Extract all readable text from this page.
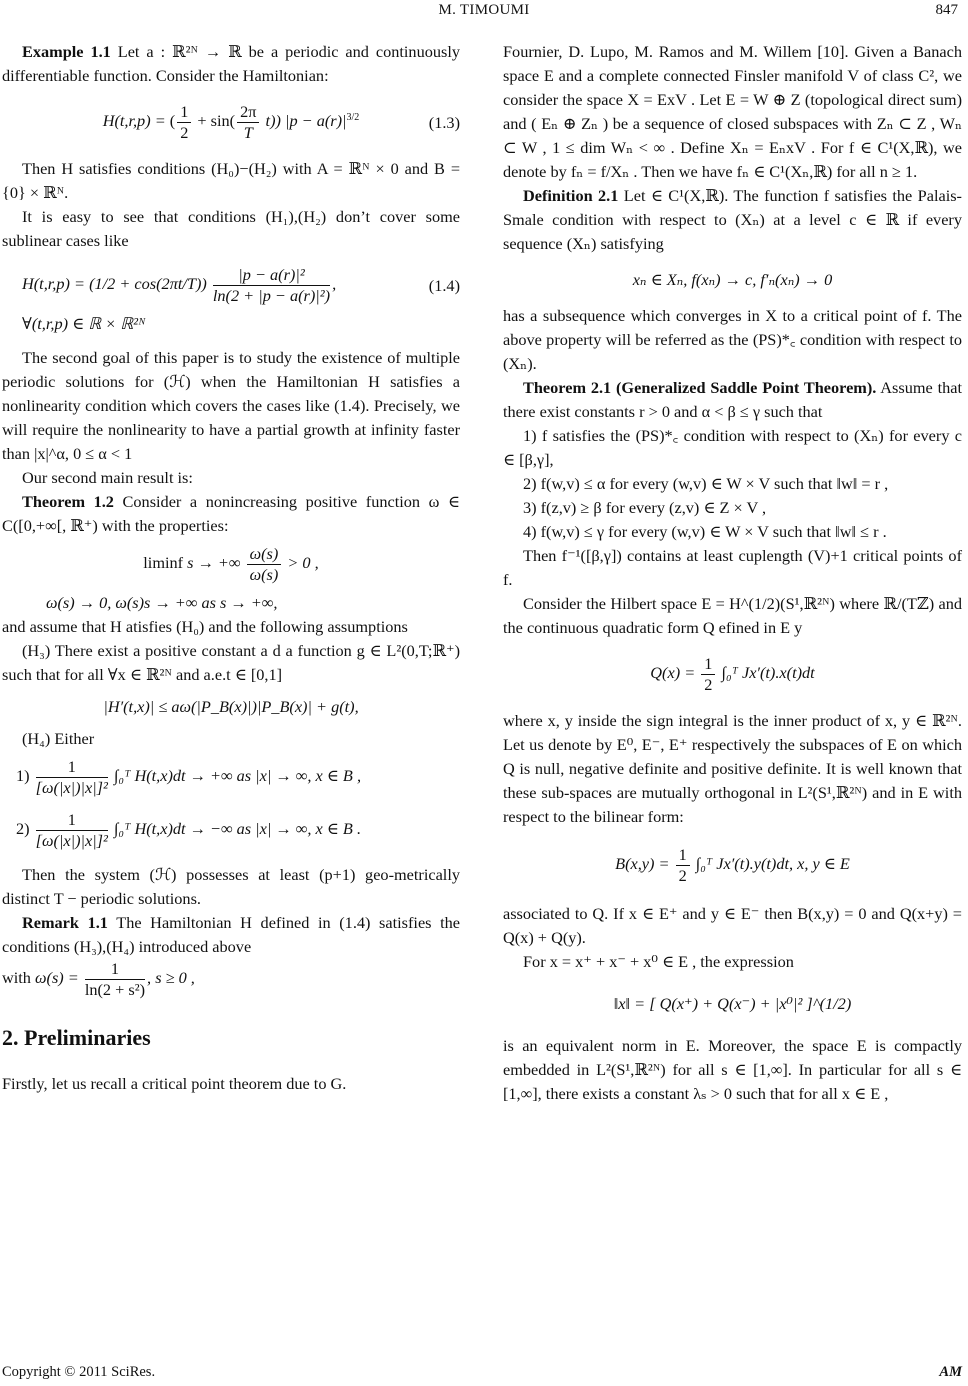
M. TIMOUMI	847

Example 1.1 Let a : ℝ²ᴺ → ℝ be a periodic and continuously differentiable function. Consider the Hamiltonian:

H(t,r,p) = ( $\frac{1}{2} + \sin( \frac{2\pi}{T} t)$) $|p - a(r)|^{3/2}$	(1.3)

Then H satisfies conditions (H₀)−(H₂) with A = ℝᴺ × 0 and B = {0} × ℝᴺ.

It is easy to see that conditions (H₁),(H₂) don’t cover some sublinear cases like

$H(t,r,p) = (1/2 + \cos(2\pi t/T)) \frac{\text{|p − a(r)|²}}{\text{ln(2 + |p − a(r)|²)}}$ ,	(1.4)

∀(t,r,p) ∈ ℝ × ℝ²ᴺ

The second goal of this paper is to study the existence of multiple periodic solutions for (ℋ) when the Hamiltonian H satisfies a nonlinearity condition which covers the cases like (1.4). Precisely, we will require the nonlinearity to have a partial growth at infinity faster than |x|^α, 0 ≤ α < 1

Our second main result is:

Theorem 1.2 Consider a nonincreasing positive function ω ∈ C([0,+∞[, ℝ⁺) with the properties:

liminf s → +∞ $\frac{\omega(s)}{\omega(s)} > 0$ ,

ω(s) → 0, ω(s)s → +∞ as s → +∞,

and assume that H atisfies (H₀) and the following assumptions

(H₃) There exist a positive constant a d a function g ∈ L²(0,T;ℝ⁺) such that for all ∀x ∈ ℝ²ᴺ and a.e.t ∈ [0,1]

|H′(t,x)| ≤ aω(|P_B(x)|)|P_B(x)| + g(t),

(H₄) Either

$1) \frac{1}{\text{[ω(|x|)|x|]²}}$ ∫₀ᵀ H(t,x)dt → +∞ as |x| → ∞, x ∈ B ,
$2) \frac{1}{\text{[ω(|x|)|x|]²}}$ ∫₀ᵀ H(t,x)dt → −∞ as |x| → ∞, x ∈ B .

Then the system (ℋ) possesses at least (p+1) geo-metrically distinct T − periodic solutions.

Remark 1.1 The Hamiltonian H defined in (1.4) satisfies the conditions (H₃),(H₄) introduced above

with $\omega(s) = \frac{1}{\text{ln(2 + s²)}}$ , s ≥ 0 ,

2. Preliminaries

Firstly, let us recall a critical point theorem due to G.

Fournier, D. Lupo, M. Ramos and M. Willem [10]. Given a Banach space E and a complete connected Finsler manifold V of class C², we consider the space X = ExV . Let E = W ⊕ Z (topological direct sum) and ( Eₙ ⊕ Zₙ ) be a sequence of closed subspaces with Zₙ ⊂ Z , Wₙ ⊂ W , 1 ≤ dim Wₙ < ∞ . Define Xₙ = EₙxV . For f ∈ C¹(X,ℝ), we denote by fₙ = f/Xₙ . Then we have fₙ ∈ C¹(Xₙ,ℝ) for all n ≥ 1.

Definition 2.1 Let ∈ C¹(X,ℝ). The function f satisfies the Palais-Smale condition with respect to (Xₙ) at a level c ∈ ℝ if every sequence (Xₙ) satisfying

xₙ ∈ Xₙ, f(xₙ) → c, f′ₙ(xₙ) → 0

has a subsequence which converges in X to a critical point of f. The above property will be referred as the (PS)*꜀ condition with respect to (Xₙ).

Theorem 2.1 (Generalized Saddle Point Theorem). Assume that there exist constants r > 0 and α < β ≤ γ such that

1) f satisfies the (PS)*꜀ condition with respect to (Xₙ) for every c ∈ [β,γ],

2) f(w,v) ≤ α for every (w,v) ∈ W × V such that ‖w‖ = r ,

3) f(z,v) ≥ β for every (z,v) ∈ Z × V ,

4) f(w,v) ≤ γ for every (w,v) ∈ W × V such that ‖w‖ ≤ r .

Then f⁻¹([β,γ]) contains at least cuplength (V)+1 critical points of f.

Consider the Hilbert space E = H^(1/2)(S¹,ℝ²ᴺ) where ℝ/(Tℤ) and the continuous quadratic form Q efined in E y

$Q(x) = \frac{1}{2}$ ∫₀ᵀ Jx′(t).x(t)dt

where x, y inside the sign integral is the inner product of x, y ∈ ℝ²ᴺ. Let us denote by E⁰, E⁻, E⁺ respectively the subspaces of E on which Q is null, negative definite and positive definite. It is well known that these sub-spaces are mutually orthogonal in L²(S¹,ℝ²ᴺ) and in E with respect to the bilinear form:

$B(x,y) = \frac{1}{2}$ ∫₀ᵀ Jx′(t).y(t)dt, x, y ∈ E

associated to Q. If x ∈ E⁺ and y ∈ E⁻ then B(x,y) = 0 and Q(x+y) = Q(x) + Q(y).

For x = x⁺ + x⁻ + x⁰ ∈ E , the expression

‖x‖ = [ Q(x⁺) + Q(x⁻) + |x⁰|² ]^(1/2)

is an equivalent norm in E. Moreover, the space E is compactly embedded in L²(S¹,ℝ²ᴺ) for all s ∈ [1,∞]. In particular for all s ∈ [1,∞], there exists a constant λₛ > 0 such that for all x ∈ E ,

Copyright © 2011 SciRes.	AM
